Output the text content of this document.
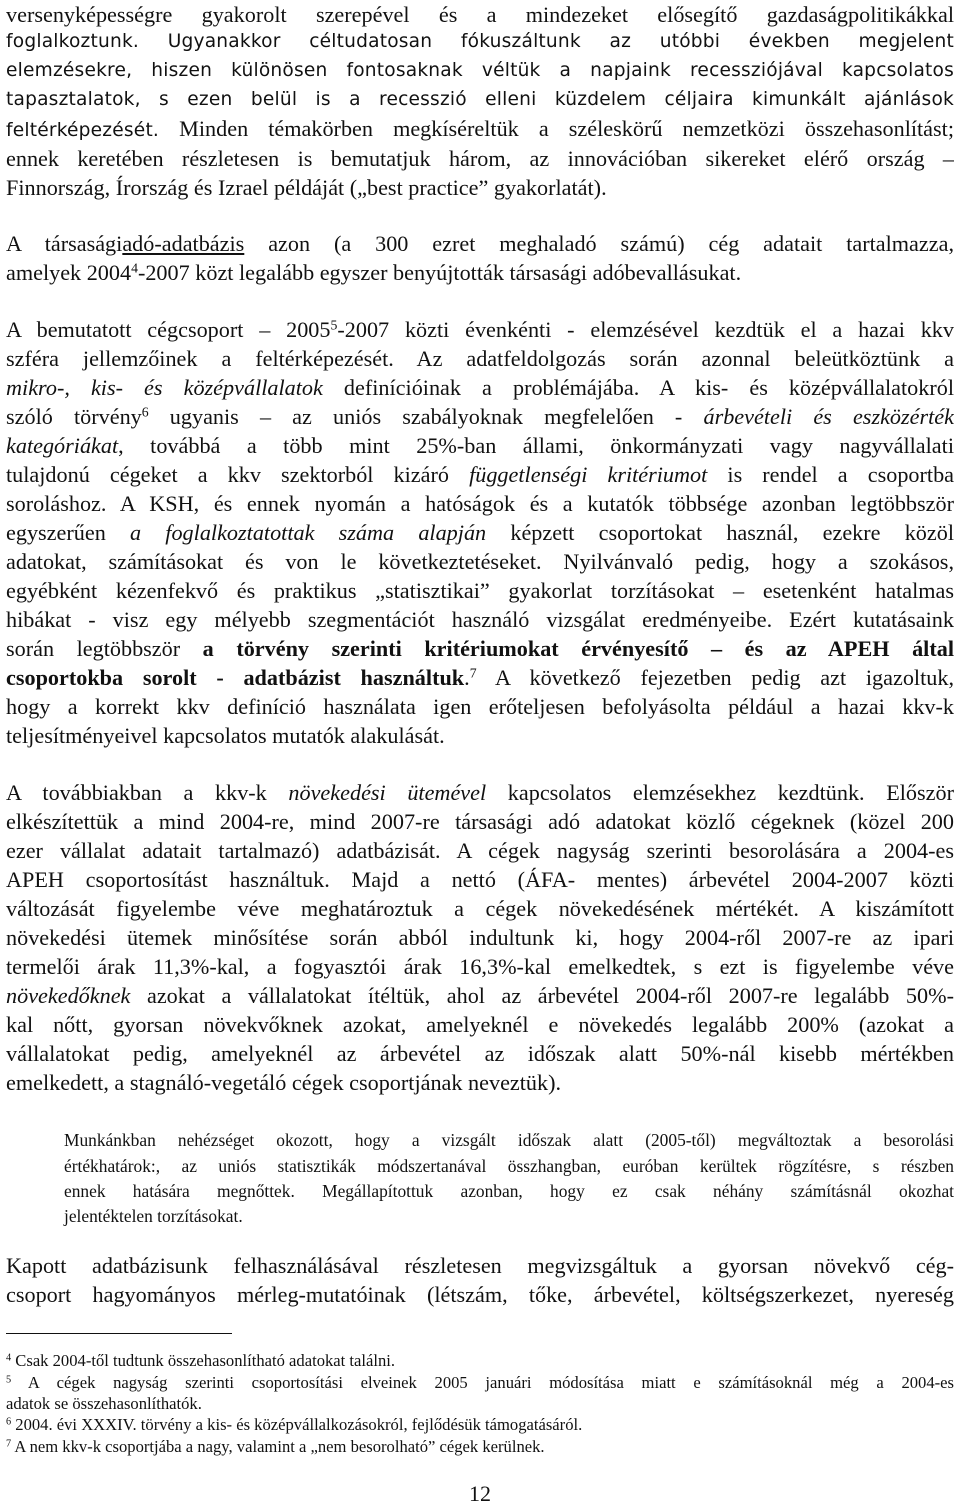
versenyképességre gyakorolt szerepével és a mindezeket elősegítő gazdaságpolitikákkal
foglalkoztunk. Ugyanakkor céltudatosan fókuszáltunk az utóbbi években megjelent
elemzésekre, hiszen különösen fontosaknak véltük a napjaink recessziójával kapcsolatos
tapasztalatok, s ezen belül is a recesszió elleni küzdelem céljaira kimunkált ajánlások
feltérképezését. Minden témakörben megkíséreltük a széleskörű nemzetközi összehasonlítást;
ennek keretében részletesen is bemutatjuk három, az innovációban sikereket elérő ország –
Finnország, Írország és Izrael példáját („best practice” gyakorlatát).
A társaságiadó-adatbázis azon (a 300 ezret meghaladó számú) cég adatait tartalmazza,
amelyek 2004$^4$-2007 közt legalább egyszer benyújtották társasági adóbevallásukat.
A bemutatott cégcsoport – 2005$^5$-2007 közti évenkénti - elemzésével kezdtük el a hazai kkv
szféra jellemzőinek a feltérképezését. Az adatfeldolgozás során azonnal beleütköztünk a
mikro-, kis- és középvállalatok definícióinak a problémájába. A kis- és középvállalatokról
szóló törvény$^6$ ugyanis – az uniós szabályoknak megfelelően - árbevételi és eszközérték
kategóriákat, továbbá a több mint 25%-ban állami, önkormányzati vagy nagyvállalati
tulajdonú cégeket a kkv szektorból kizáró függetlenségi kritériumot is rendel a csoportba
soroláshoz. A KSH, és ennek nyomán a hatóságok és a kutatók többsége azonban legtöbbször
egyszerűen a foglalkoztatottak száma alapján képzett csoportokat használ, ezekre közöl
adatokat, számításokat és von le következtetéseket. Nyilvánvaló pedig, hogy a szokásos,
egyébként kézenfekvő és praktikus „statisztikai” gyakorlat torzításokat – esetenként hatalmas
hibákat - visz egy mélyebb szegmentációt használó vizsgálat eredményeibe. Ezért kutatásaink
során legtöbbször a törvény szerinti kritériumokat érvényesítő – és az APEH által
csoportokba sorolt - adatbázist használtuk.$^7$ A következő fejezetben pedig azt igazoltuk,
hogy a korrekt kkv definíció használata igen erőteljesen befolyásolta például a hazai kkv-k
teljesítményeivel kapcsolatos mutatók alakulását.
A továbbiakban a kkv-k növekedési ütemével kapcsolatos elemzésekhez kezdtünk. Először
elkészítettük a mind 2004-re, mind 2007-re társasági adó adatokat közlő cégeknek (közel 200
ezer vállalat adatait tartalmazó) adatbázisát. A cégek nagyság szerinti besorolására a 2004-es
APEH csoportosítást használtuk. Majd a nettó (ÁFA- mentes) árbevétel 2004-2007 közti
változását figyelembe véve meghatároztuk a cégek növekedésének mértékét. A kiszámított
növekedési ütemek minősítése során abból indultunk ki, hogy 2004-ről 2007-re az ipari
termelői árak 11,3%-kal, a fogyasztói árak 16,3%-kal emelkedtek, s ezt is figyelembe véve
növekedőknek azokat a vállalatokat ítéltük, ahol az árbevétel 2004-ről 2007-re legalább 50%-
kal nőtt, gyorsan növekvőknek azokat, amelyeknél e növekedés legalább 200% (azokat a
vállalatokat pedig, amelyeknél az árbevétel az időszak alatt 50%-nál kisebb mértékben
emelkedett, a stagnáló-vegetáló cégek csoportjának neveztük).
Munkánkban nehézséget okozott, hogy a vizsgált időszak alatt (2005-től) megváltoztak a besorolási
értékhatárok:, az uniós statisztikák módszertanával összhangban, euróban kerültek rögzítésre, s részben
ennek hatására megnőttek. Megállapítottuk azonban, hogy ez csak néhány számításnál okozhat
jelentéktelen torzításokat.
Kapott adatbázisunk felhasználásával részletesen megvizsgáltuk a gyorsan növekvő cég-
csoport hagyományos mérleg-mutatóinak (létszám, tőke, árbevétel, költségszerkezet, nyereség
$^4$ Csak 2004-től tudtunk összehasonlítható adatokat találni.
$^5$ A cégek nagyság szerinti csoportosítási elveinek 2005 januári módosítása miatt e számításoknál még a 2004-es
adatok se összehasonlíthatók.
$^6$ 2004. évi XXXIV. törvény a kis- és középvállalkozásokról, fejlődésük támogatásáról.
$^7$ A nem kkv-k csoportjába a nagy, valamint a „nem besorolható” cégek kerülnek.
12
